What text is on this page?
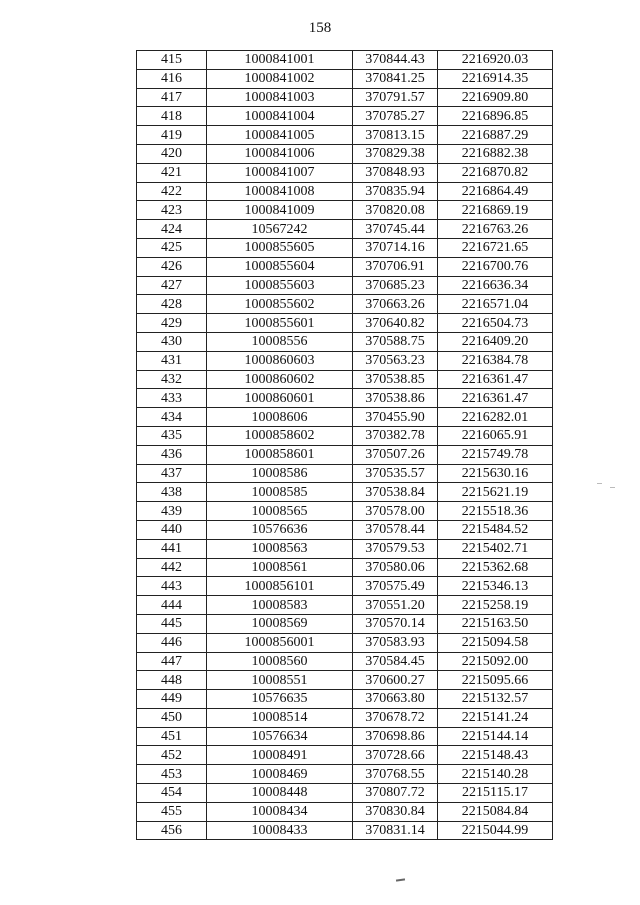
158
415	1000841001	370844.43	2216920.03
416	1000841002	370841.25	2216914.35
417	1000841003	370791.57	2216909.80
418	1000841004	370785.27	2216896.85
419	1000841005	370813.15	2216887.29
420	1000841006	370829.38	2216882.38
421	1000841007	370848.93	2216870.82
422	1000841008	370835.94	2216864.49
423	1000841009	370820.08	2216869.19
424	10567242	370745.44	2216763.26
425	1000855605	370714.16	2216721.65
426	1000855604	370706.91	2216700.76
427	1000855603	370685.23	2216636.34
428	1000855602	370663.26	2216571.04
429	1000855601	370640.82	2216504.73
430	10008556	370588.75	2216409.20
431	1000860603	370563.23	2216384.78
432	1000860602	370538.85	2216361.47
433	1000860601	370538.86	2216361.47
434	10008606	370455.90	2216282.01
435	1000858602	370382.78	2216065.91
436	1000858601	370507.26	2215749.78
437	10008586	370535.57	2215630.16
438	10008585	370538.84	2215621.19
439	10008565	370578.00	2215518.36
440	10576636	370578.44	2215484.52
441	10008563	370579.53	2215402.71
442	10008561	370580.06	2215362.68
443	1000856101	370575.49	2215346.13
444	10008583	370551.20	2215258.19
445	10008569	370570.14	2215163.50
446	1000856001	370583.93	2215094.58
447	10008560	370584.45	2215092.00
448	10008551	370600.27	2215095.66
449	10576635	370663.80	2215132.57
450	10008514	370678.72	2215141.24
451	10576634	370698.86	2215144.14
452	10008491	370728.66	2215148.43
453	10008469	370768.55	2215140.28
454	10008448	370807.72	2215115.17
455	10008434	370830.84	2215084.84
456	10008433	370831.14	2215044.99
